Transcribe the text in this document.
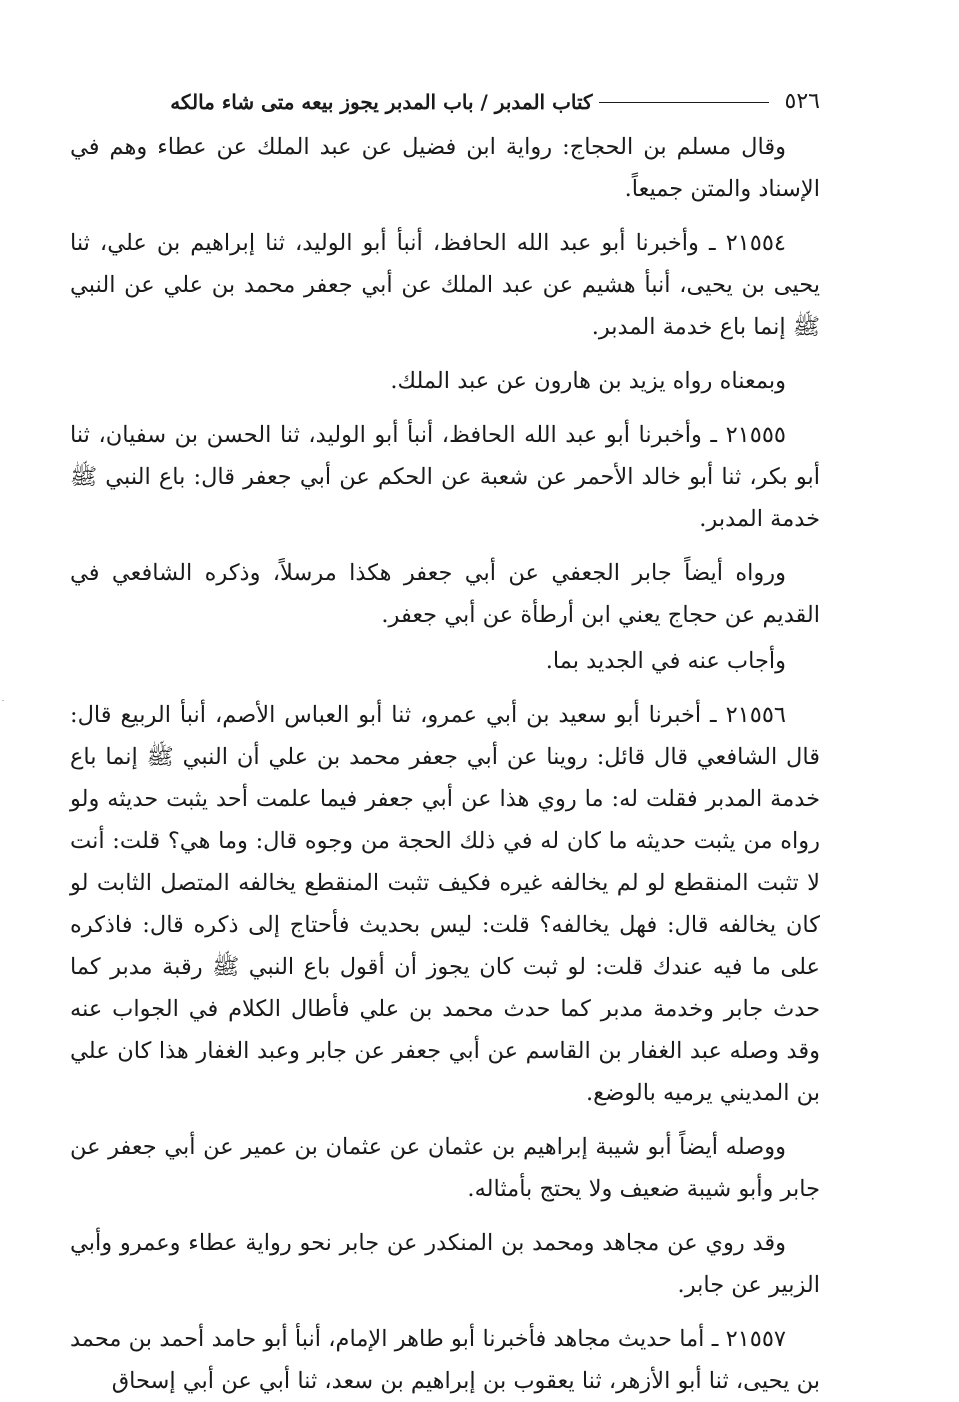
٥٢٦
كتاب المدبر / باب المدبر يجوز بيعه متى شاء مالكه

وقال مسلم بن الحجاج: رواية ابن فضيل عن عبد الملك عن عطاء وهم في الإسناد والمتن جميعاً.

٢١٥٥٤ ـ وأخبرنا أبو عبد الله الحافظ، أنبأ أبو الوليد، ثنا إبراهيم بن علي، ثنا يحيى بن يحيى، أنبأ هشيم عن عبد الملك عن أبي جعفر محمد بن علي عن النبي ﷺ إنما باع خدمة المدبر.

وبمعناه رواه يزيد بن هارون عن عبد الملك.

٢١٥٥٥ ـ وأخبرنا أبو عبد الله الحافظ، أنبأ أبو الوليد، ثنا الحسن بن سفيان، ثنا أبو بكر، ثنا أبو خالد الأحمر عن شعبة عن الحكم عن أبي جعفر قال: باع النبي ﷺ خدمة المدبر.

ورواه أيضاً جابر الجعفي عن أبي جعفر هكذا مرسلاً، وذكره الشافعي في القديم عن حجاج يعني ابن أرطأة عن أبي جعفر.

وأجاب عنه في الجديد بما.

٢١٥٥٦ ـ أخبرنا أبو سعيد بن أبي عمرو، ثنا أبو العباس الأصم، أنبأ الربيع قال: قال الشافعي قال قائل: روينا عن أبي جعفر محمد بن علي أن النبي ﷺ إنما باع خدمة المدبر فقلت له: ما روي هذا عن أبي جعفر فيما علمت أحد يثبت حديثه ولو رواه من يثبت حديثه ما كان له في ذلك الحجة من وجوه قال: وما هي؟ قلت: أنت لا تثبت المنقطع لو لم يخالفه غيره فكيف تثبت المنقطع يخالفه المتصل الثابت لو كان يخالفه قال: فهل يخالفه؟ قلت: ليس بحديث فأحتاج إلى ذكره قال: فاذكره على ما فيه عندك قلت: لو ثبت كان يجوز أن أقول باع النبي ﷺ رقبة مدبر كما حدث جابر وخدمة مدبر كما حدث محمد بن علي فأطال الكلام في الجواب عنه وقد وصله عبد الغفار بن القاسم عن أبي جعفر عن جابر وعبد الغفار هذا كان علي بن المديني يرميه بالوضع.

ووصله أيضاً أبو شيبة إبراهيم بن عثمان عن عثمان بن عمير عن أبي جعفر عن جابر وأبو شيبة ضعيف ولا يحتج بأمثاله.

وقد روي عن مجاهد ومحمد بن المنكدر عن جابر نحو رواية عطاء وعمرو وأبي الزبير عن جابر.

٢١٥٥٧ ـ أما حديث مجاهد فأخبرنا أبو طاهر الإمام، أنبأ أبو حامد أحمد بن محمد بن يحيى، ثنا أبو الأزهر، ثنا يعقوب بن إبراهيم بن سعد، ثنا أبي عن أبي إسحاق
